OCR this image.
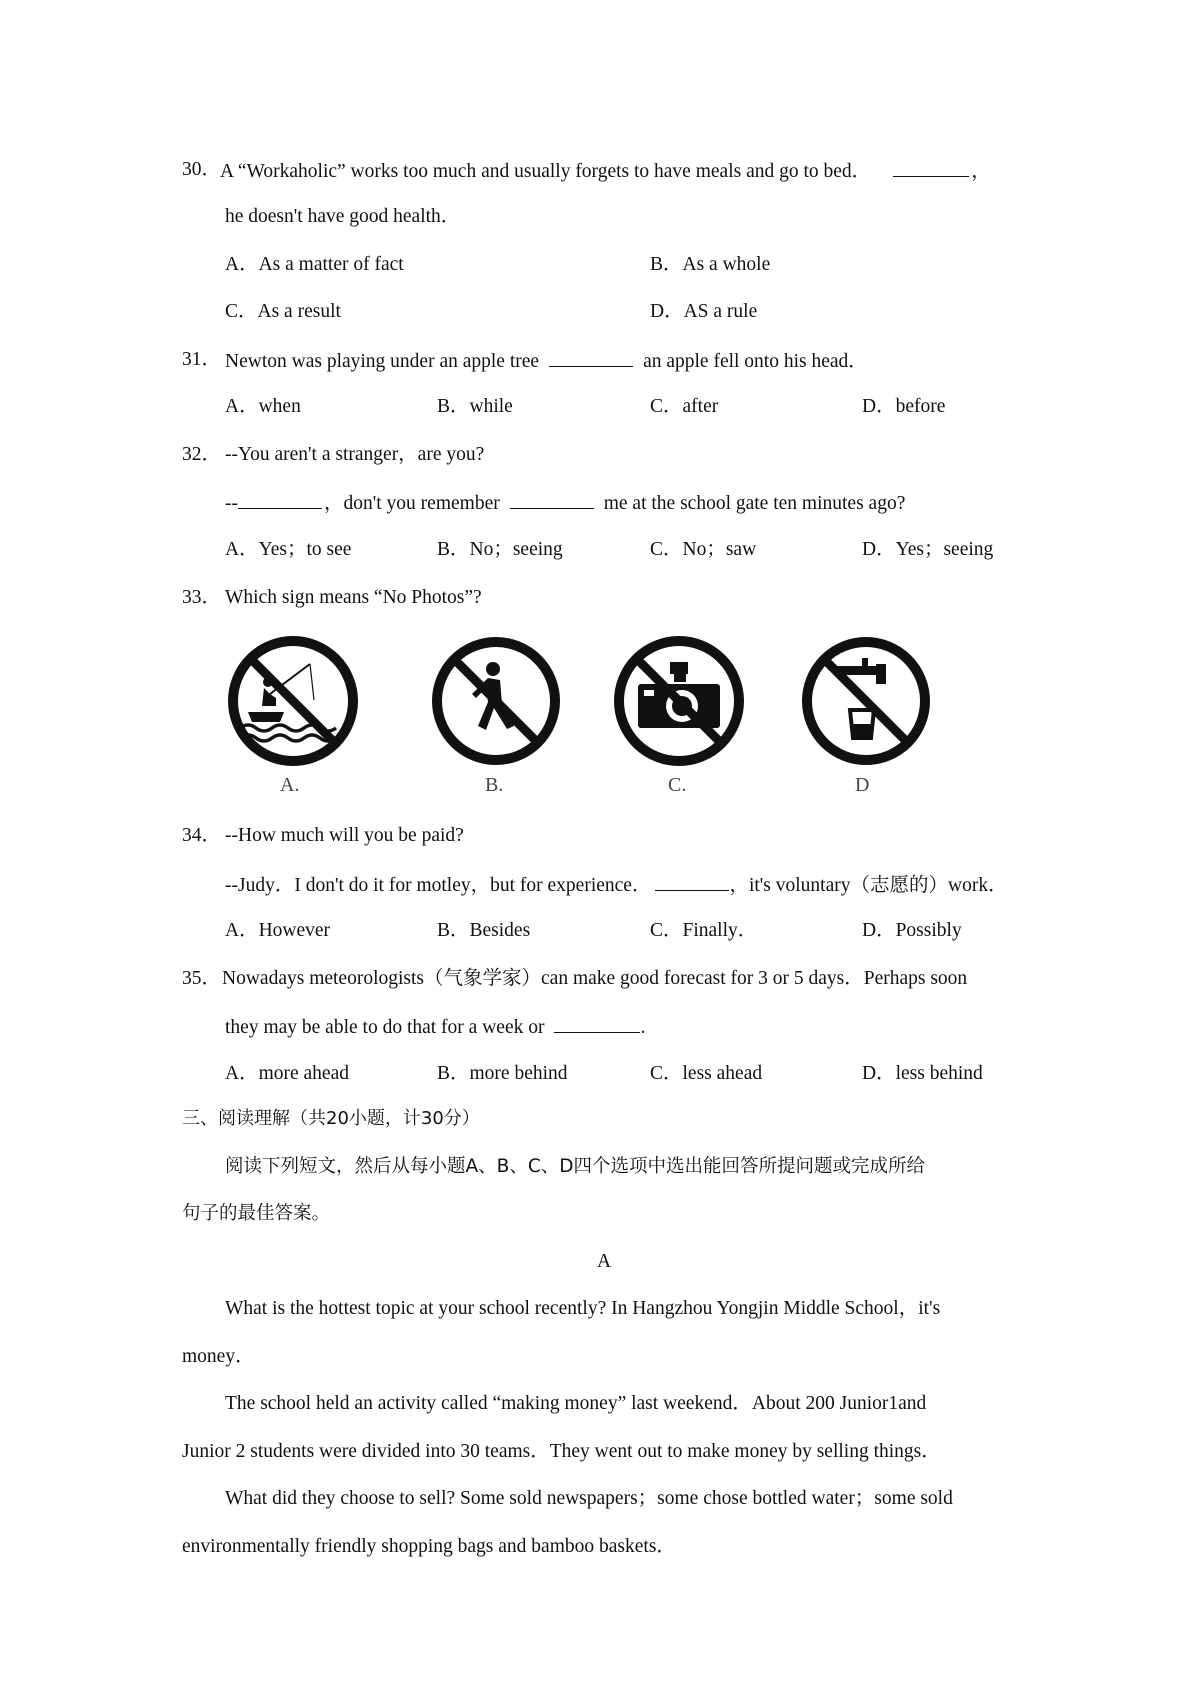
30．
A “Workaholic” works too much and usually forgets to have meals and go to bed．	，
he doesn't have good health．
A．As a matter of fact	B．As a whole
C．As a result	D．AS a rule
31． Newton was playing under an apple tree	an apple fell onto his head．
A．when	B．while	C．after	D．before
32． --You aren't a stranger，are you?
--	，don't you remember	me at the school gate ten minutes ago?
A．Yes；to see	B．No；seeing	C．No；saw	D．Yes；seeing
33． Which sign means “No Photos”?
A.	B.	C.	D
34． --How much will you be paid?
--Judy．I don't do it for motley，but for experience．	，it's voluntary（志愿的）work．
A．However	B．Besides	C．Finally．	D．Possibly
35． Nowadays meteorologists（气象学家）can make good forecast for 3 or 5 days．Perhaps soon
they may be able to do that for a week or	.
A．more ahead	B．more behind	C．less ahead	D．less behind
三、阅读理解（共20小题，计30分）
阅读下列短文，然后从每小题A、B、C、D四个选项中选出能回答所提问题或完成所给
句子的最佳答案。
A
What is the hottest topic at your school recently? In Hangzhou Yongjin Middle School，it's
money．
The school held an activity called “making money” last weekend．About 200 Junior1and
Junior 2 students were divided into 30 teams．They went out to make money by selling things．
What did they choose to sell? Some sold newspapers；some chose bottled water；some sold
environmentally friendly shopping bags and bamboo baskets．
